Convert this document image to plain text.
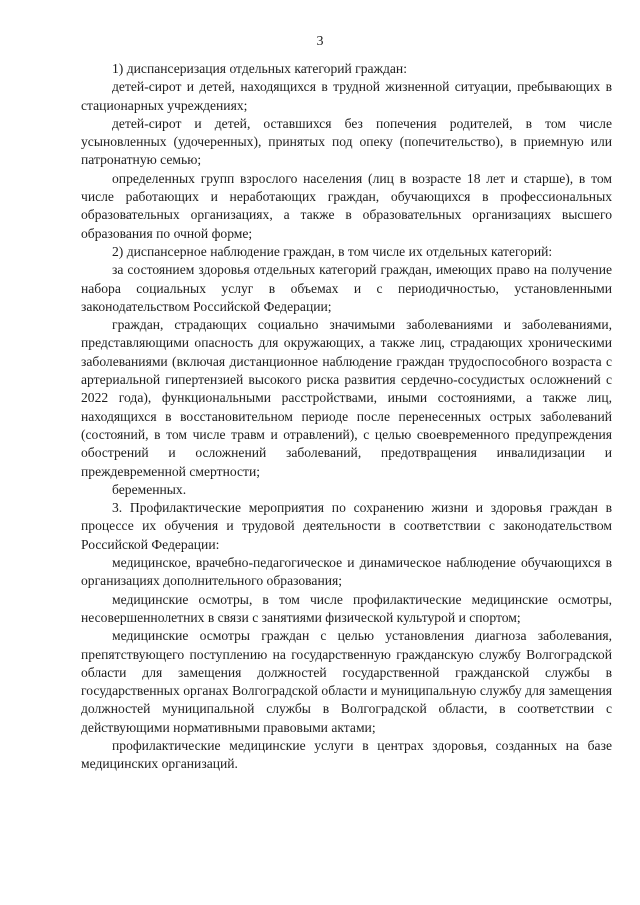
3

1) диспансеризация отдельных категорий граждан:

детей-сирот и детей, находящихся в трудной жизненной ситуации, пребывающих в стационарных учреждениях;

детей-сирот и детей, оставшихся без попечения родителей, в том числе усыновленных (удочеренных), принятых под опеку (попечительство), в приемную или патронатную семью;

определенных групп взрослого населения (лиц в возрасте 18 лет и старше), в том числе работающих и неработающих граждан, обучающихся в профессиональных образовательных организациях, а также в образовательных организациях высшего образования по очной форме;

2) диспансерное наблюдение граждан, в том числе их отдельных категорий:

за состоянием здоровья отдельных категорий граждан, имеющих право на получение набора социальных услуг в объемах и с периодичностью, установленными законодательством Российской Федерации;

граждан, страдающих социально значимыми заболеваниями и заболеваниями, представляющими опасность для окружающих, а также лиц, страдающих хроническими заболеваниями (включая дистанционное наблюдение граждан трудоспособного возраста с артериальной гипертензией высокого риска развития сердечно-сосудистых осложнений с 2022 года), функциональными расстройствами, иными состояниями, а также лиц, находящихся в восстановительном периоде после перенесенных острых заболеваний (состояний, в том числе травм и отравлений), с целью своевременного предупреждения обострений и осложнений заболеваний, предотвращения инвалидизации и преждевременной смертности;

беременных.

3. Профилактические мероприятия по сохранению жизни и здоровья граждан в процессе их обучения и трудовой деятельности в соответствии с законодательством Российской Федерации:

медицинское, врачебно-педагогическое и динамическое наблюдение обучающихся в организациях дополнительного образования;

медицинские осмотры, в том числе профилактические медицинские осмотры, несовершеннолетних в связи с занятиями физической культурой и спортом;

медицинские осмотры граждан с целью установления диагноза заболевания, препятствующего поступлению на государственную гражданскую службу Волгоградской области для замещения должностей государственной гражданской службы в государственных органах Волгоградской области и муниципальную службу для замещения должностей муниципальной службы в Волгоградской области, в соответствии с действующими нормативными правовыми актами;

профилактические медицинские услуги в центрах здоровья, созданных на базе медицинских организаций.
